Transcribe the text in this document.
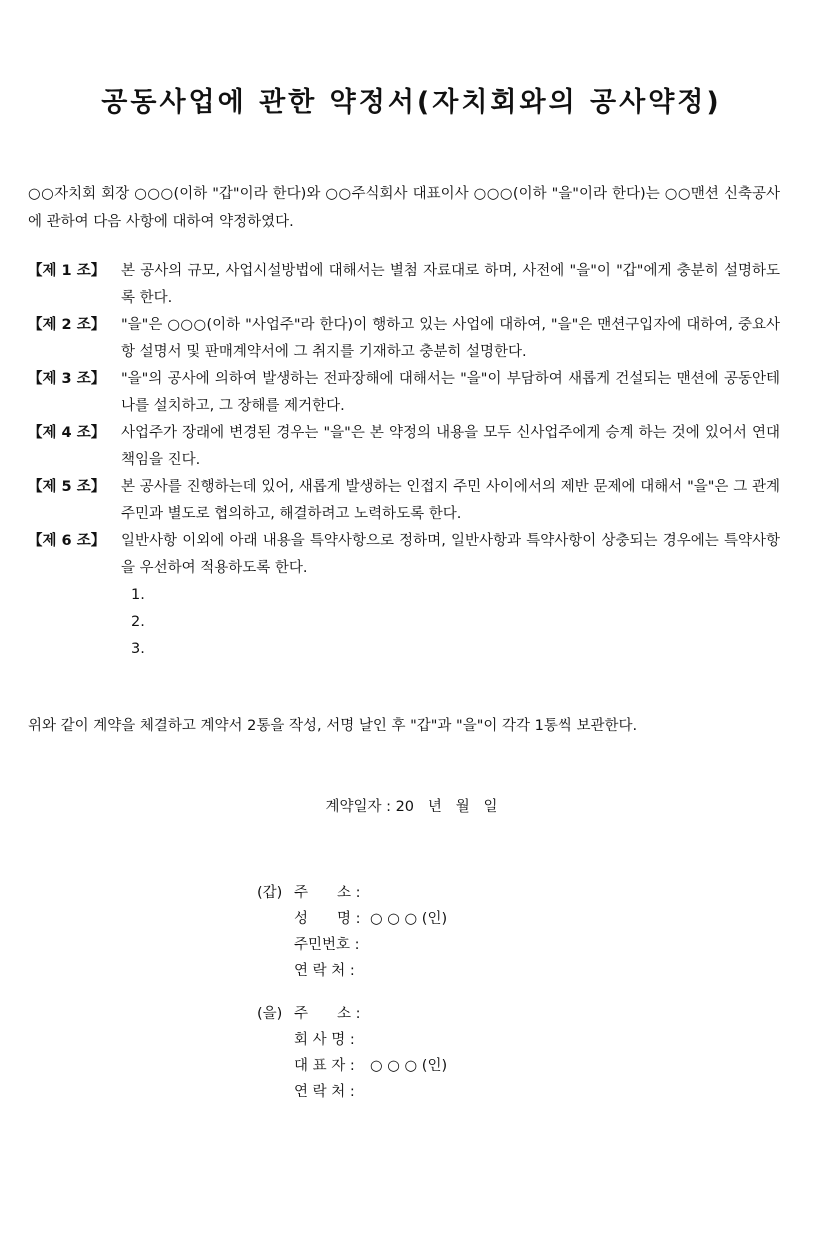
공동사업에 관한 약정서(자치회와의 공사약정)

○○자치회 회장 ○○○(이하 "갑"이라 한다)와 ○○주식회사 대표이사 ○○○(이하 "을"이라 한다)는 ○○맨션 신축공사에 관하여 다음 사항에 대하여 약정하였다.

【제 1 조】	본 공사의 규모, 사업시설방법에 대해서는 별첨 자료대로 하며, 사전에 "을"이 "갑"에게 충분히 설명하도록 한다.
【제 2 조】	"을"은 ○○○(이하 "사업주"라 한다)이 행하고 있는 사업에 대하여, "을"은 맨션구입자에 대하여, 중요사항 설명서 및 판매계약서에 그 취지를 기재하고 충분히 설명한다.
【제 3 조】	"을"의 공사에 의하여 발생하는 전파장해에 대해서는 "을"이 부담하여 새롭게 건설되는 맨션에 공동안테나를 설치하고, 그 장해를 제거한다.
【제 4 조】	사업주가 장래에 변경된 경우는 "을"은 본 약정의 내용을 모두 신사업주에게 승계 하는 것에 있어서 연대책임을 진다.
【제 5 조】	본 공사를 진행하는데 있어, 새롭게 발생하는 인접지 주민 사이에서의 제반 문제에 대해서 "을"은 그 관계주민과 별도로 협의하고, 해결하려고 노력하도록 한다.
【제 6 조】	일반사항 이외에 아래 내용을 특약사항으로 정하며, 일반사항과 특약사항이 상충되는 경우에는 특약사항을 우선하여 적용하도록 한다.
1.
2.
3.

위와 같이 계약을 체결하고 계약서 2통을 작성, 서명 날인 후 "갑"과 "을"이 각각 1통씩 보관한다.

계약일자 : 20   년   월   일
(갑) 주　　소 :
성　　명 : ○ ○ ○ (인)
주민번호 :
연 락 처 :
(을) 주　　소 :
회 사 명 :
대 표 자 :	○ ○ ○ (인)
연 락 처 :
